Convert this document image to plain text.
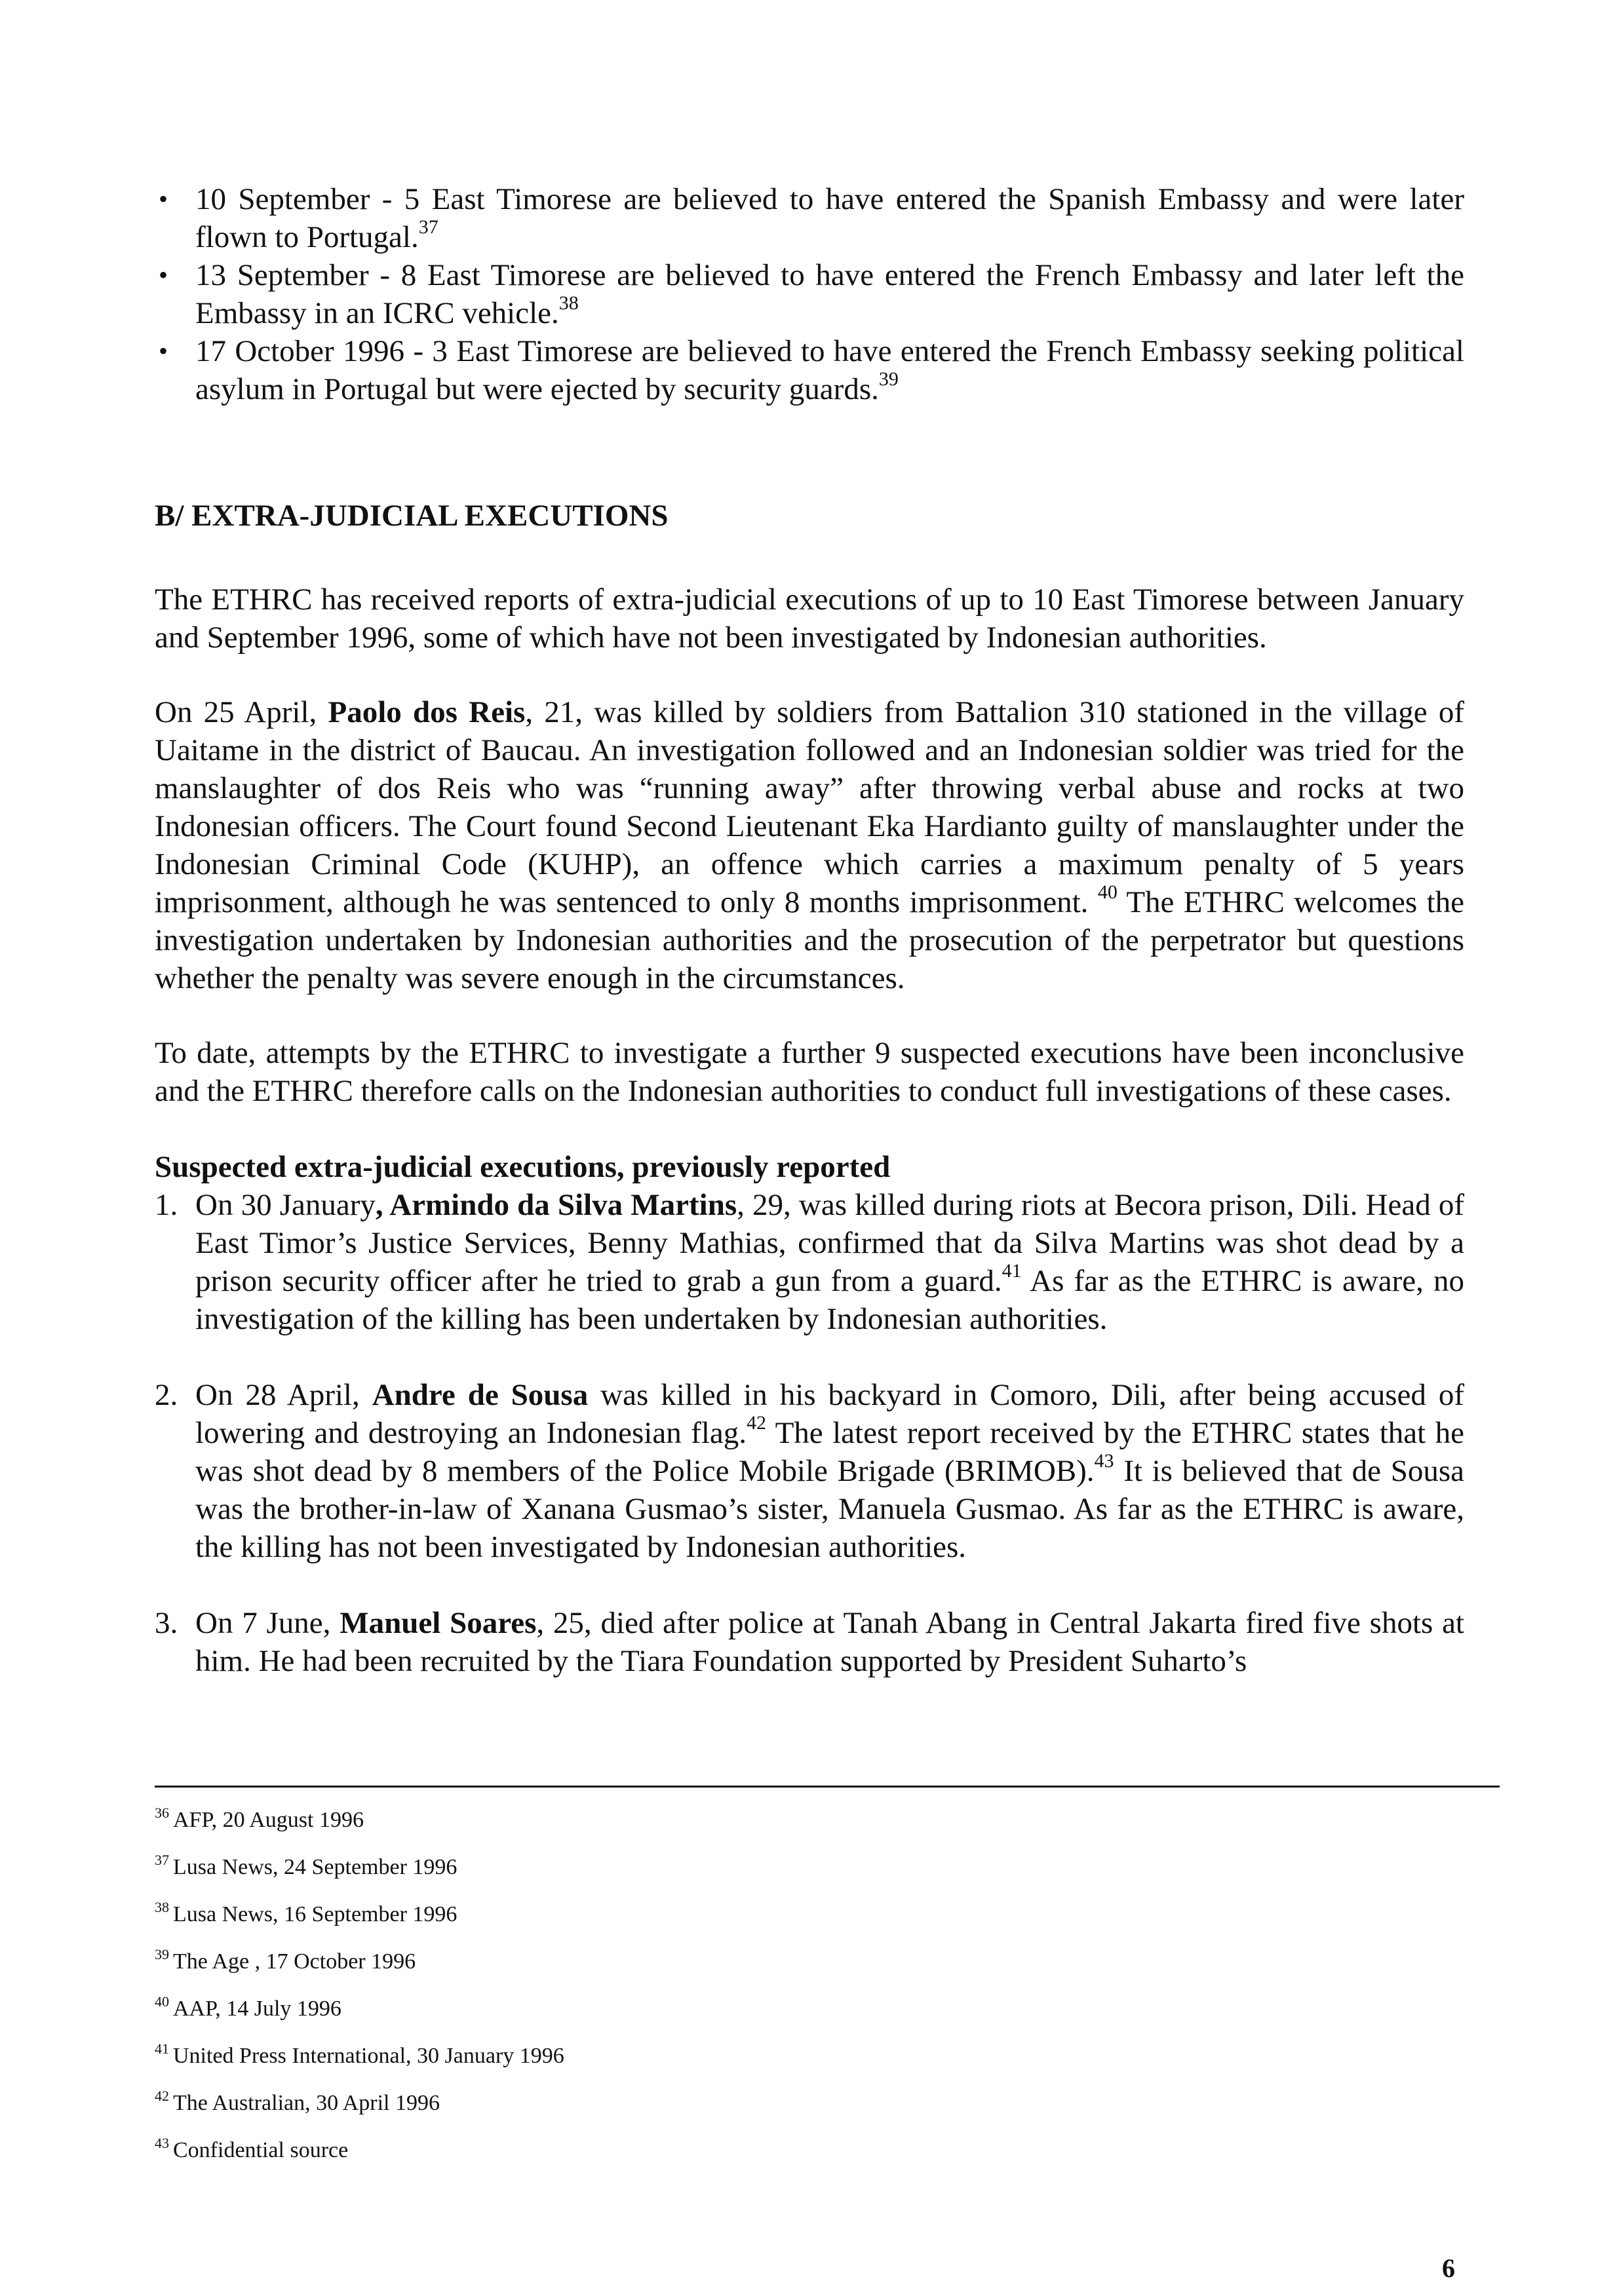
• 10 September - 5 East Timorese are believed to have entered the Spanish Embassy and were later flown to Portugal.$^{37}$
• 13 September - 8 East Timorese are believed to have entered the French Embassy and later left the Embassy in an ICRC vehicle.$^{38}$
• 17 October 1996 - 3 East Timorese are believed to have entered the French Embassy seeking political asylum in Portugal but were ejected by security guards.$^{39}$
B/ EXTRA-JUDICIAL EXECUTIONS

The ETHRC has received reports of extra-judicial executions of up to 10 East Timorese between January and September 1996, some of which have not been investigated by Indonesian authorities.

On 25 April, Paolo dos Reis, 21, was killed by soldiers from Battalion 310 stationed in the village of Uaitame in the district of Baucau. An investigation followed and an Indonesian soldier was tried for the manslaughter of dos Reis who was “running away” after throwing verbal abuse and rocks at two Indonesian officers. The Court found Second Lieutenant Eka Hardianto guilty of manslaughter under the Indonesian Criminal Code (KUHP), an offence which carries a maximum penalty of 5 years imprisonment, although he was sentenced to only 8 months imprisonment. $^{40}$ The ETHRC welcomes the investigation undertaken by Indonesian authorities and the prosecution of the perpetrator but questions whether the penalty was severe enough in the circumstances.

To date, attempts by the ETHRC to investigate a further 9 suspected executions have been inconclusive and the ETHRC therefore calls on the Indonesian authorities to conduct full investigations of these cases.

Suspected extra-judicial executions, previously reported
1. On 30 January, Armindo da Silva Martins, 29, was killed during riots at Becora prison, Dili. Head of East Timor’s Justice Services, Benny Mathias, confirmed that da Silva Martins was shot dead by a prison security officer after he tried to grab a gun from a guard.$^{41}$ As far as the ETHRC is aware, no investigation of the killing has been undertaken by Indonesian authorities.
2. On 28 April, Andre de Sousa was killed in his backyard in Comoro, Dili, after being accused of lowering and destroying an Indonesian flag.$^{42}$ The latest report received by the ETHRC states that he was shot dead by 8 members of the Police Mobile Brigade (BRIMOB).$^{43}$ It is believed that de Sousa was the brother-in-law of Xanana Gusmao’s sister, Manuela Gusmao. As far as the ETHRC is aware, the killing has not been investigated by Indonesian authorities.
3. On 7 June, Manuel Soares, 25, died after police at Tanah Abang in Central Jakarta fired five shots at him. He had been recruited by the Tiara Foundation supported by President Suharto’s
$^{36}$ AFP, 20 August 1996
$^{37}$ Lusa News, 24 September 1996
$^{38}$ Lusa News, 16 September 1996
$^{39}$ The Age , 17 October 1996
$^{40}$ AAP, 14 July 1996
$^{41}$ United Press International, 30 January 1996
$^{42}$ The Australian, 30 April 1996
$^{43}$ Confidential source
6
